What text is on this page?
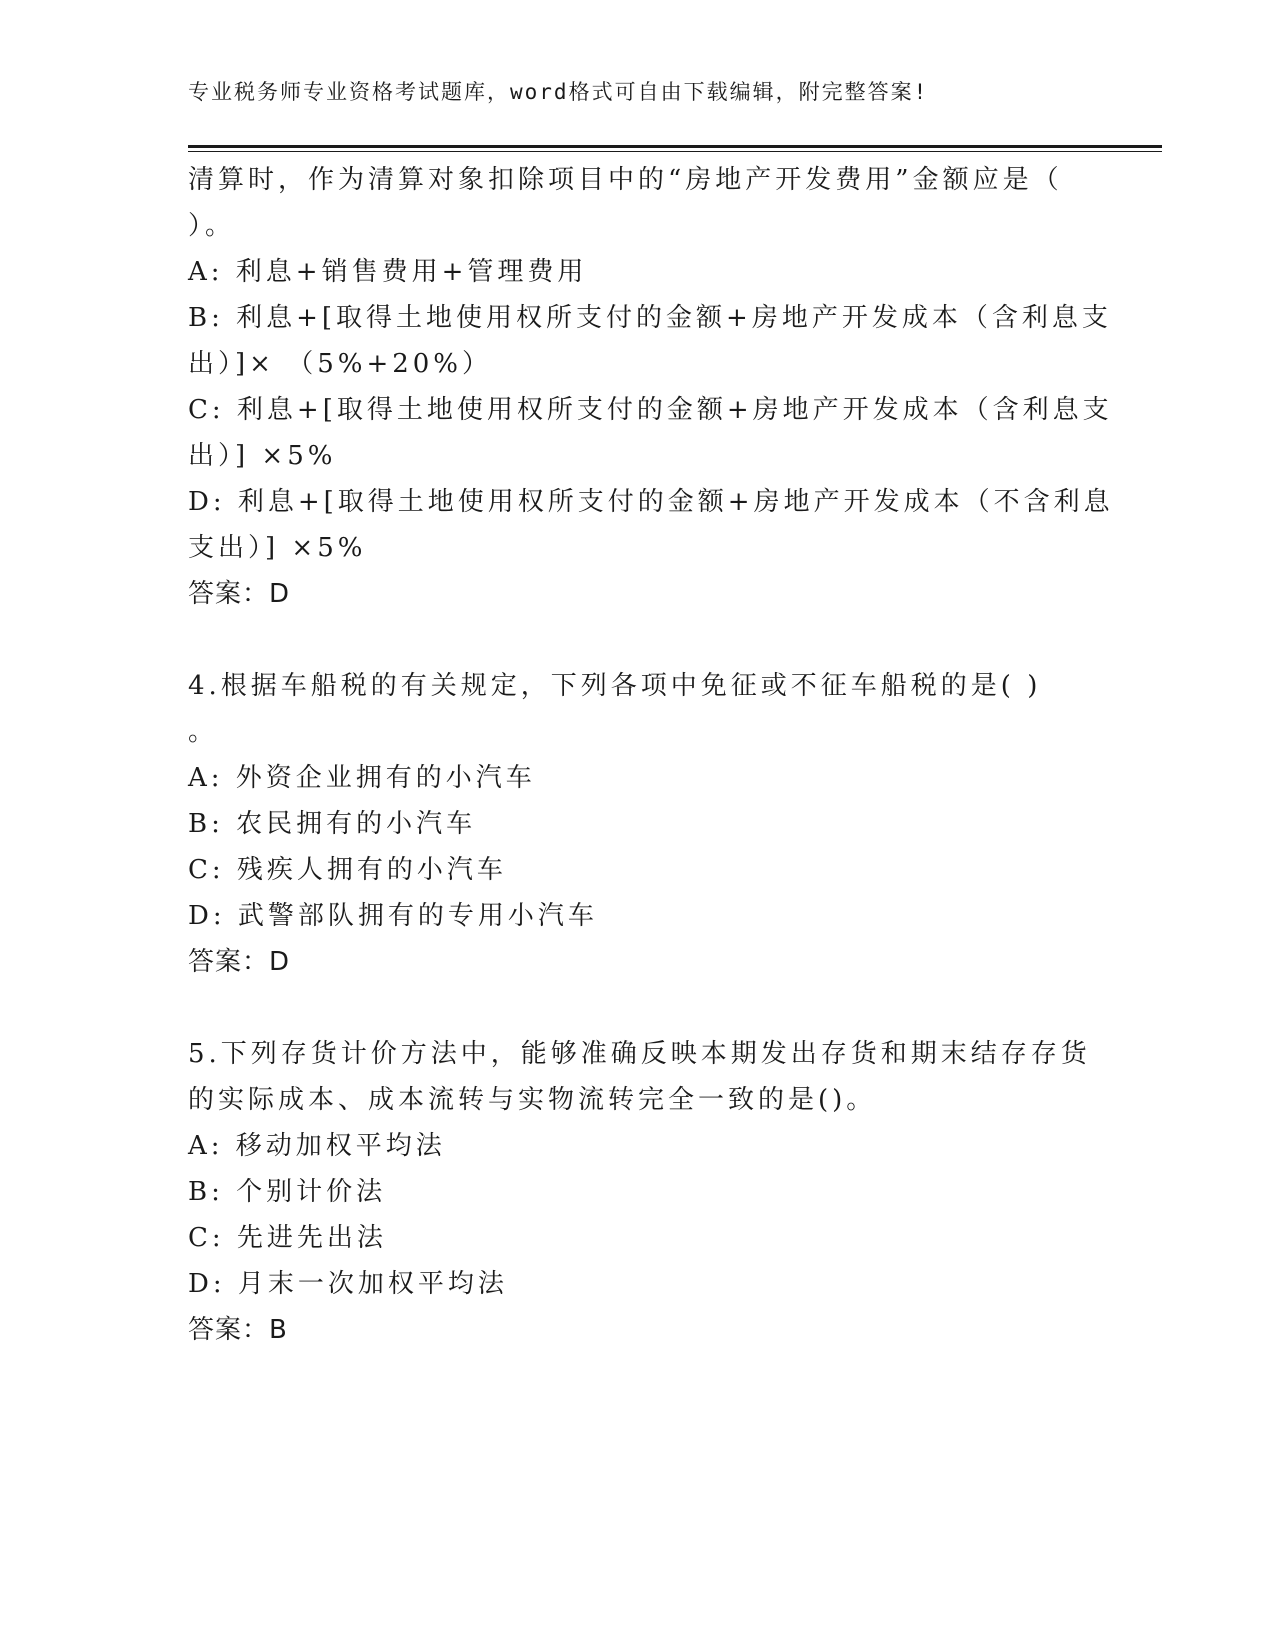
专业税务师专业资格考试题库，word格式可自由下载编辑，附完整答案!
清算时，作为清算对象扣除项目中的“房地产开发费用”金额应是（
）。
A: 利息+销售费用+管理费用
B: 利息+[取得土地使用权所支付的金额+房地产开发成本（含利息支
出）]× （5%+20%）
C: 利息+[取得土地使用权所支付的金额+房地产开发成本（含利息支
出）] ×5%
D: 利息+[取得土地使用权所支付的金额+房地产开发成本（不含利息
支出）] ×5%
答案：D
4.根据车船税的有关规定，下列各项中免征或不征车船税的是( )
。
A: 外资企业拥有的小汽车
B: 农民拥有的小汽车
C: 残疾人拥有的小汽车
D: 武警部队拥有的专用小汽车
答案：D
5.下列存货计价方法中，能够准确反映本期发出存货和期末结存存货
的实际成本、成本流转与实物流转完全一致的是()。
A: 移动加权平均法
B: 个别计价法
C: 先进先出法
D: 月末一次加权平均法
答案：B
